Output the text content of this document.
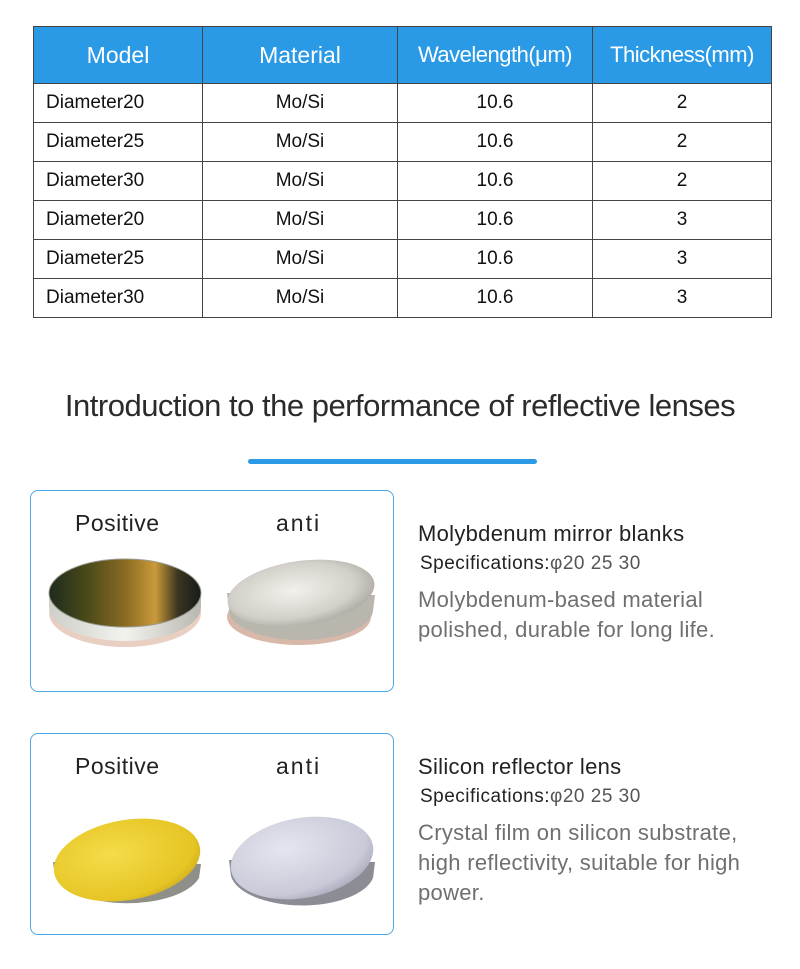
Model	Material	Wavelength(μm)	Thickness(mm)
Diameter20	Mo/Si	10.6	2
Diameter25	Mo/Si	10.6	2
Diameter30	Mo/Si	10.6	2
Diameter20	Mo/Si	10.6	3
Diameter25	Mo/Si	10.6	3
Diameter30	Mo/Si	10.6	3
Introduction to the performance of reflective lenses
Positive	anti	Molybdenum mirror blanks

Specifications:φ20 25 30

Molybdenum-based material polished, durable for long life.

Positive	anti	Silicon reflector lens

Specifications:φ20 25 30

Crystal film on silicon substrate, high reflectivity, suitable for high power.
